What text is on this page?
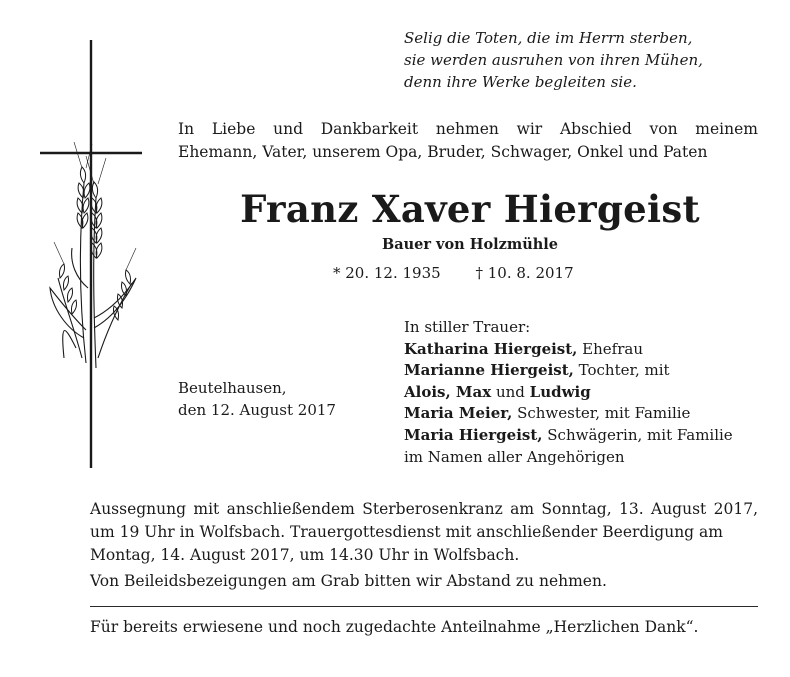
Selig die Toten, die im Herrn sterben,
sie werden ausruhen von ihren Mühen,
denn ihre Werke begleiten sie.
In Liebe und Dankbarkeit nehmen wir Abschied von meinem
Ehemann, Vater, unserem Opa, Bruder, Schwager, Onkel und Paten
Franz Xaver Hiergeist
Bauer von Holzmühle
* 20. 12. 1935 † 10. 8. 2017
Beutelhausen,
den 12. August 2017
In stiller Trauer:
Katharina Hiergeist, Ehefrau
Marianne Hiergeist, Tochter, mit
Alois, Max und Ludwig
Maria Meier, Schwester, mit Familie
Maria Hiergeist, Schwägerin, mit Familie
im Namen aller Angehörigen
Aussegnung mit anschließendem Sterberosenkranz am Sonntag, 13. August 2017, um 19 Uhr in Wolfsbach. Trauergottesdienst mit anschließender Beerdigung am
Montag, 14. August 2017, um 14.30 Uhr in Wolfsbach.
Von Beileidsbezeigungen am Grab bitten wir Abstand zu nehmen.
Für bereits erwiesene und noch zugedachte Anteilnahme „Herzlichen Dank“.
